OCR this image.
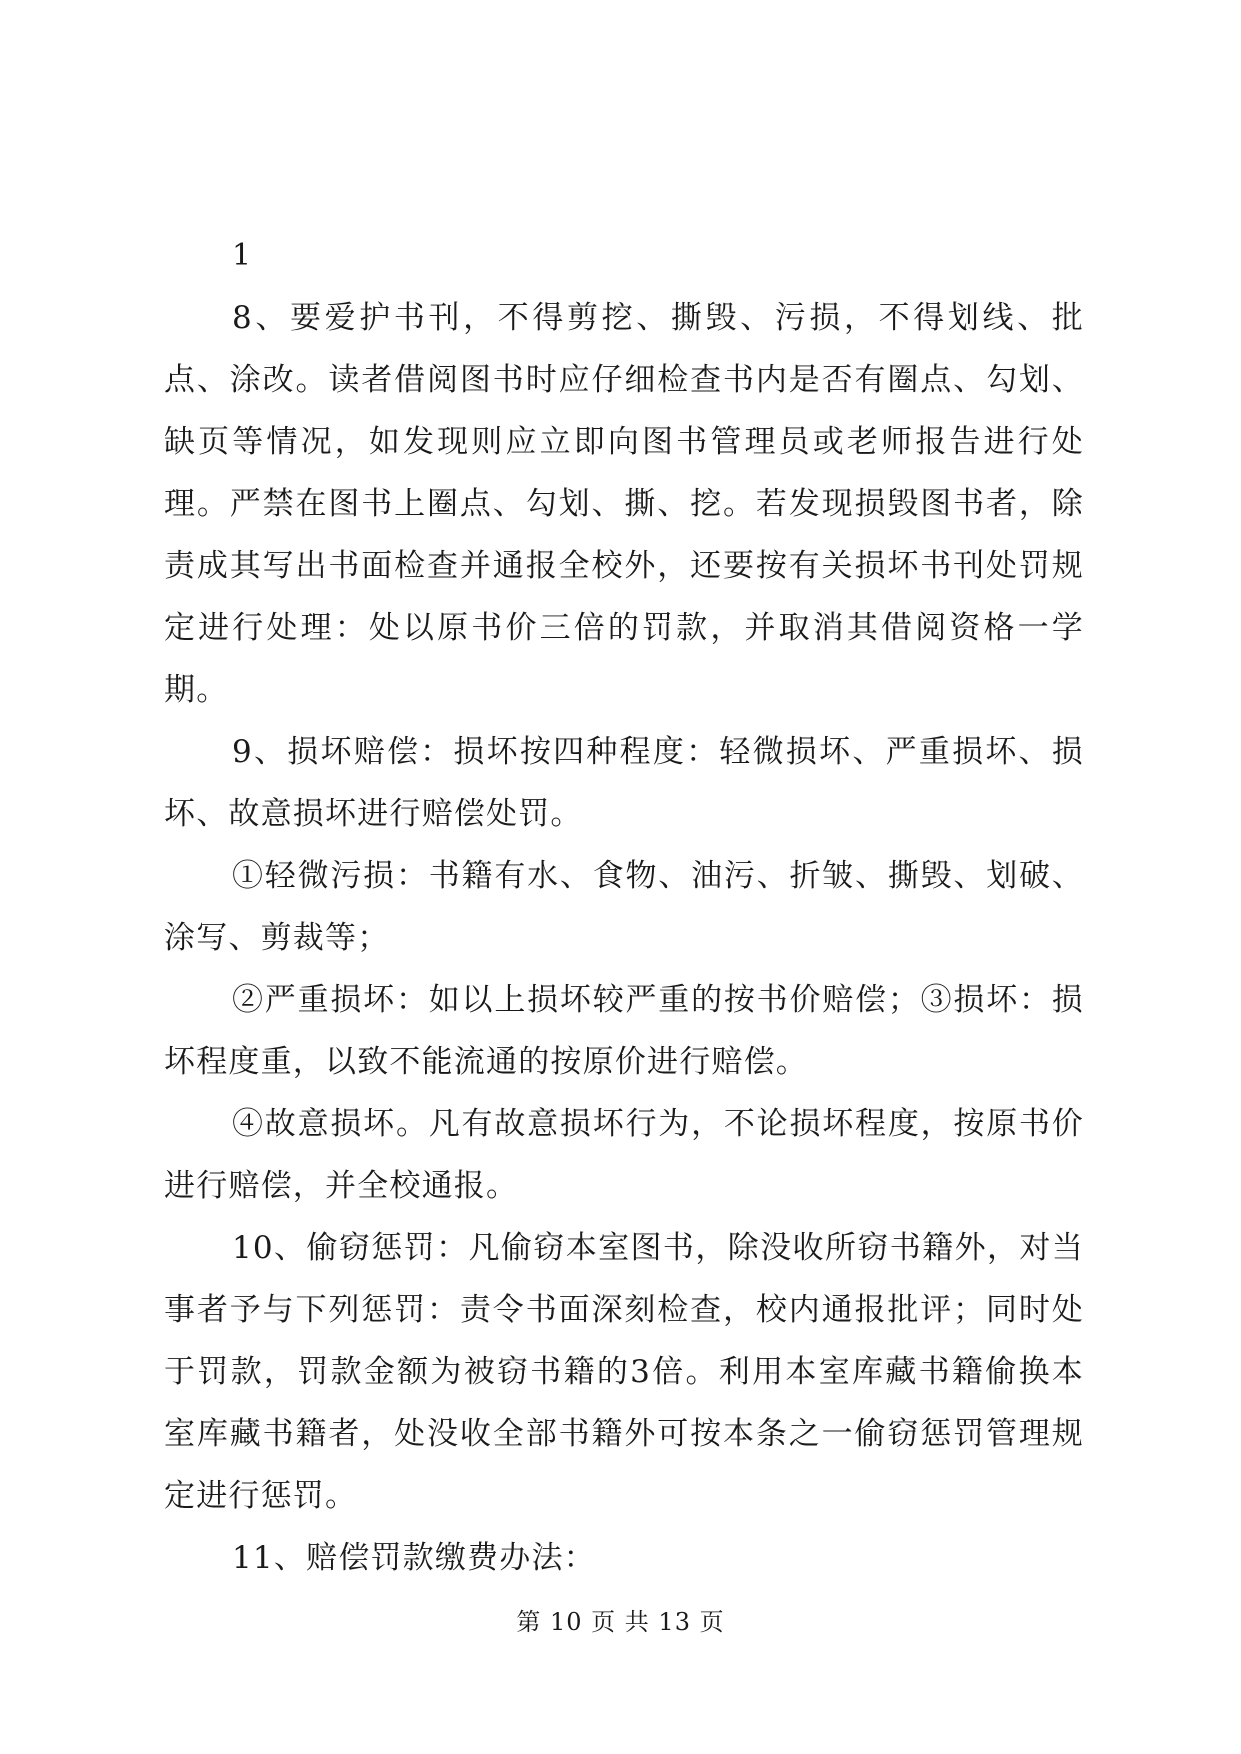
1

8、要爱护书刊，不得剪挖、撕毁、污损，不得划线、批点、涂改。读者借阅图书时应仔细检查书内是否有圈点、勾划、缺页等情况，如发现则应立即向图书管理员或老师报告进行处理。严禁在图书上圈点、勾划、撕、挖。若发现损毁图书者，除责成其写出书面检查并通报全校外，还要按有关损坏书刊处罚规定进行处理：处以原书价三倍的罚款，并取消其借阅资格一学期。

9、损坏赔偿：损坏按四种程度：轻微损坏、严重损坏、损坏、故意损坏进行赔偿处罚。

①轻微污损：书籍有水、食物、油污、折皱、撕毁、划破、涂写、剪裁等；

②严重损坏：如以上损坏较严重的按书价赔偿；③损坏：损坏程度重，以致不能流通的按原价进行赔偿。

④故意损坏。凡有故意损坏行为，不论损坏程度，按原书价进行赔偿，并全校通报。

10、偷窃惩罚：凡偷窃本室图书，除没收所窃书籍外，对当事者予与下列惩罚：责令书面深刻检查，校内通报批评；同时处于罚款，罚款金额为被窃书籍的3倍。利用本室库藏书籍偷换本室库藏书籍者，处没收全部书籍外可按本条之一偷窃惩罚管理规定进行惩罚。

11、赔偿罚款缴费办法：

第 10 页 共 13 页
